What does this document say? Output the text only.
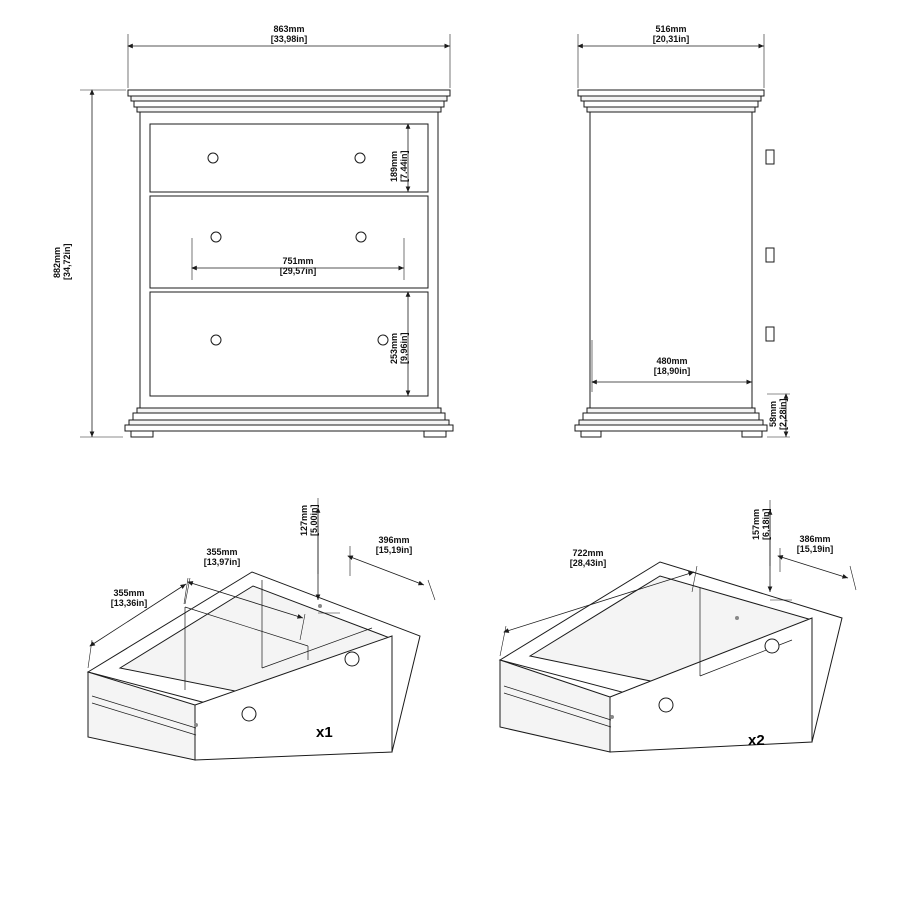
863mm
[33,98in]
882mm [34,72in]
189mm [7.44in]
751mm
[29,57in]
253mm [9,96in]
516mm
[20,31in]
480mm
[18,90in]
58mm [2,28in]
127mm [5,00in]
396mm
[15,19in]
355mm
[13,97in]
355mm
[13,36in]
x1
157mm [6,18in]	386mm
[15,19in]
722mm
[28,43in]
x2
